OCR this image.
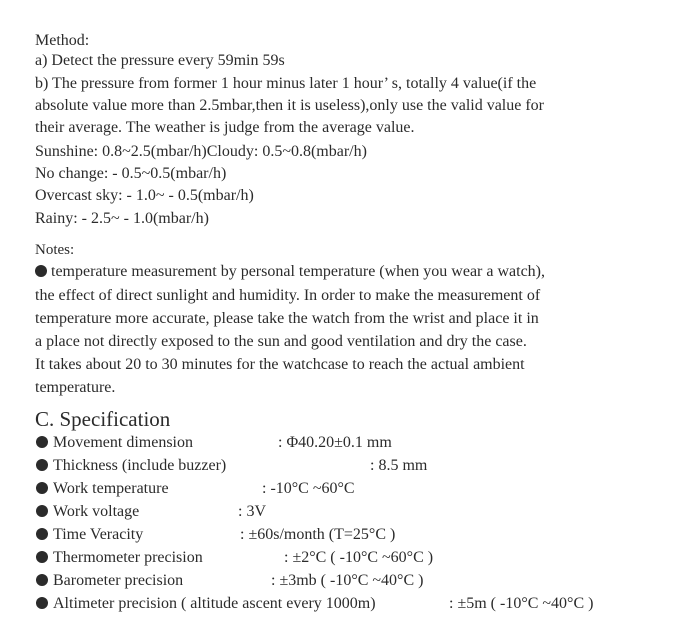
Method:
a) Detect the pressure every 59min 59s
b) The pressure from former 1 hour minus later 1 hour’ s, totally 4 value(if the
absolute value more than 2.5mbar,then it is useless),only use the valid value for
their average. The weather is judge from the average value.
Sunshine: 0.8~2.5(mbar/h)Cloudy: 0.5~0.8(mbar/h)
No change: - 0.5~0.5(mbar/h)
Overcast sky: - 1.0~ - 0.5(mbar/h)
Rainy: - 2.5~ - 1.0(mbar/h)
Notes:
temperature measurement by personal temperature (when you wear a watch),
the effect of direct sunlight and humidity. In order to make the measurement of
temperature more accurate, please take the watch from the wrist and place it in
a place not directly exposed to the sun and good ventilation and dry the case.
It takes about 20 to 30 minutes for the watchcase to reach the actual ambient
temperature.
C. Specification
Movement dimension	: Φ40.20±0.1 mm
Thickness (include buzzer)	: 8.5 mm
Work temperature	: -10°C ~60°C
Work voltage	: 3V
Time Veracity	: ±60s/month (T=25°C )
Thermometer precision	: ±2°C ( -10°C ~60°C )
Barometer precision	: ±3mb ( -10°C ~40°C )
Altimeter precision ( altitude ascent every 1000m)	: ±5m ( -10°C ~40°C )
